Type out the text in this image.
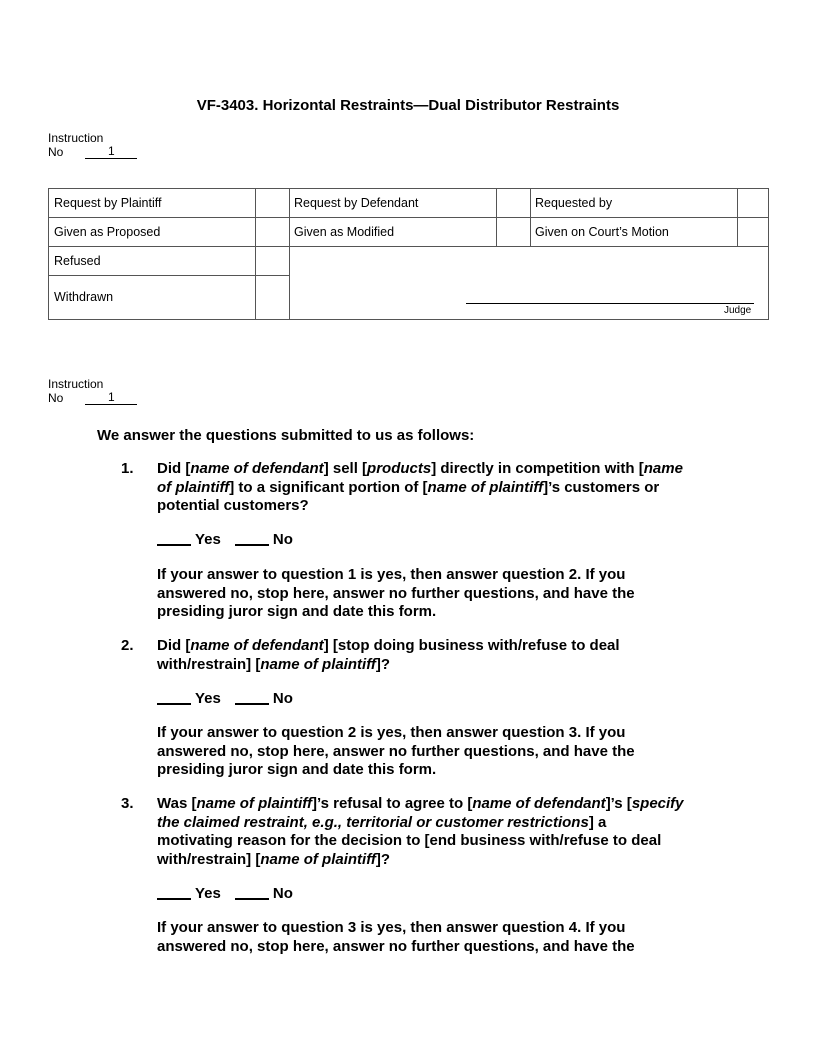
VF-3403. Horizontal Restraints—Dual Distributor Restraints
Instruction
No	1
Request by Plaintiff	Request by Defendant	Requested by
Given as Proposed	Given as Modified	Given on Court’s Motion
Refused
Withdrawn
Judge
Instruction
No	1
We answer the questions submitted to us as follows:
1. Did [name of defendant] sell [products] directly in competition with [name
of plaintiff] to a significant portion of [name of plaintiff]’s customers or
potential customers?
Yes	No
If your answer to question 1 is yes, then answer question 2. If you
answered no, stop here, answer no further questions, and have the
presiding juror sign and date this form.
2. Did [name of defendant] [stop doing business with/refuse to deal
with/restrain] [name of plaintiff]?
Yes	No
If your answer to question 2 is yes, then answer question 3. If you
answered no, stop here, answer no further questions, and have the
presiding juror sign and date this form.
3. Was [name of plaintiff]’s refusal to agree to [name of defendant]’s [specify
the claimed restraint, e.g., territorial or customer restrictions] a
motivating reason for the decision to [end business with/refuse to deal
with/restrain] [name of plaintiff]?
Yes	No
If your answer to question 3 is yes, then answer question 4. If you
answered no, stop here, answer no further questions, and have the
